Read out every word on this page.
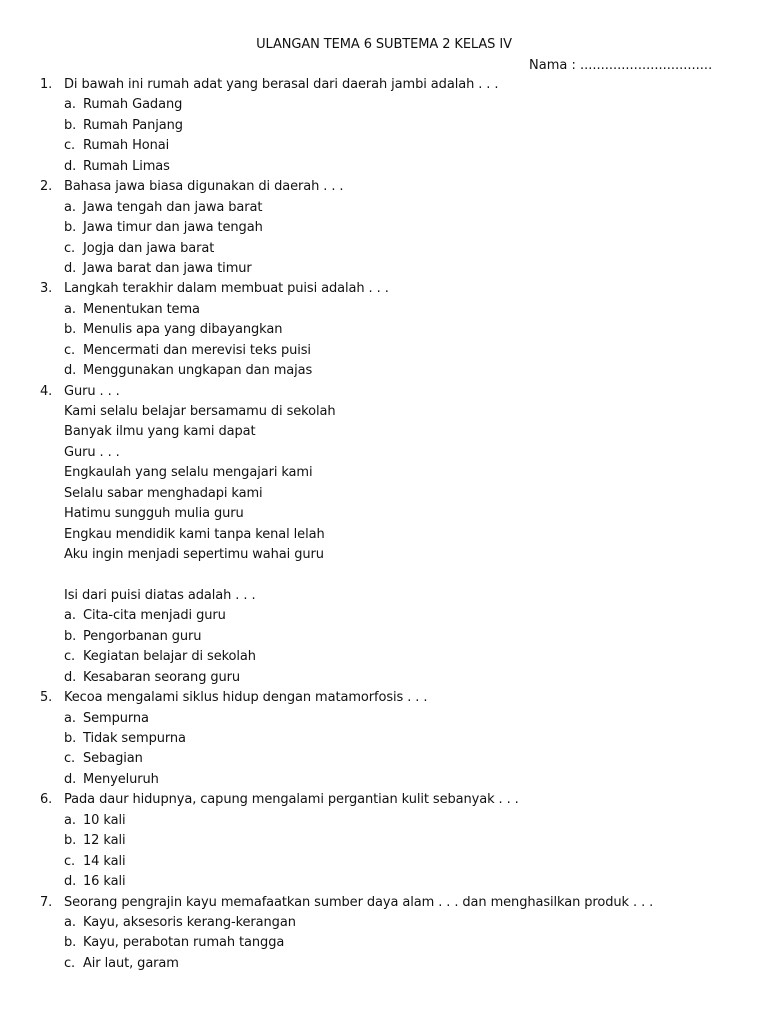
ULANGAN TEMA 6 SUBTEMA 2 KELAS IV
Nama : ................................
1. Di bawah ini rumah adat yang berasal dari daerah jambi adalah . . .
a. Rumah Gadang
b. Rumah Panjang
c. Rumah Honai
d. Rumah Limas
2. Bahasa jawa biasa digunakan di daerah . . .
a. Jawa tengah dan jawa barat
b. Jawa timur dan jawa tengah
c. Jogja dan jawa barat
d. Jawa barat dan jawa timur
3. Langkah terakhir dalam membuat puisi adalah . . .
a. Menentukan tema
b. Menulis apa yang dibayangkan
c. Mencermati dan merevisi teks puisi
d. Menggunakan ungkapan dan majas
4. Guru . . .
Kami selalu belajar bersamamu di sekolah
Banyak ilmu yang kami dapat
Guru . . .
Engkaulah yang selalu mengajari kami
Selalu sabar menghadapi kami
Hatimu sungguh mulia guru
Engkau mendidik kami tanpa kenal lelah
Aku ingin menjadi sepertimu wahai guru
Isi dari puisi diatas adalah . . .
a. Cita-cita menjadi guru
b. Pengorbanan guru
c. Kegiatan belajar di sekolah
d. Kesabaran seorang guru
5. Kecoa mengalami siklus hidup dengan matamorfosis . . .
a. Sempurna
b. Tidak sempurna
c. Sebagian
d. Menyeluruh
6. Pada daur hidupnya, capung mengalami pergantian kulit sebanyak . . .
a. 10 kali
b. 12 kali
c. 14 kali
d. 16 kali
7. Seorang pengrajin kayu memafaatkan sumber daya alam . . . dan menghasilkan produk . . .
a. Kayu, aksesoris kerang-kerangan
b. Kayu, perabotan rumah tangga
c. Air laut, garam
